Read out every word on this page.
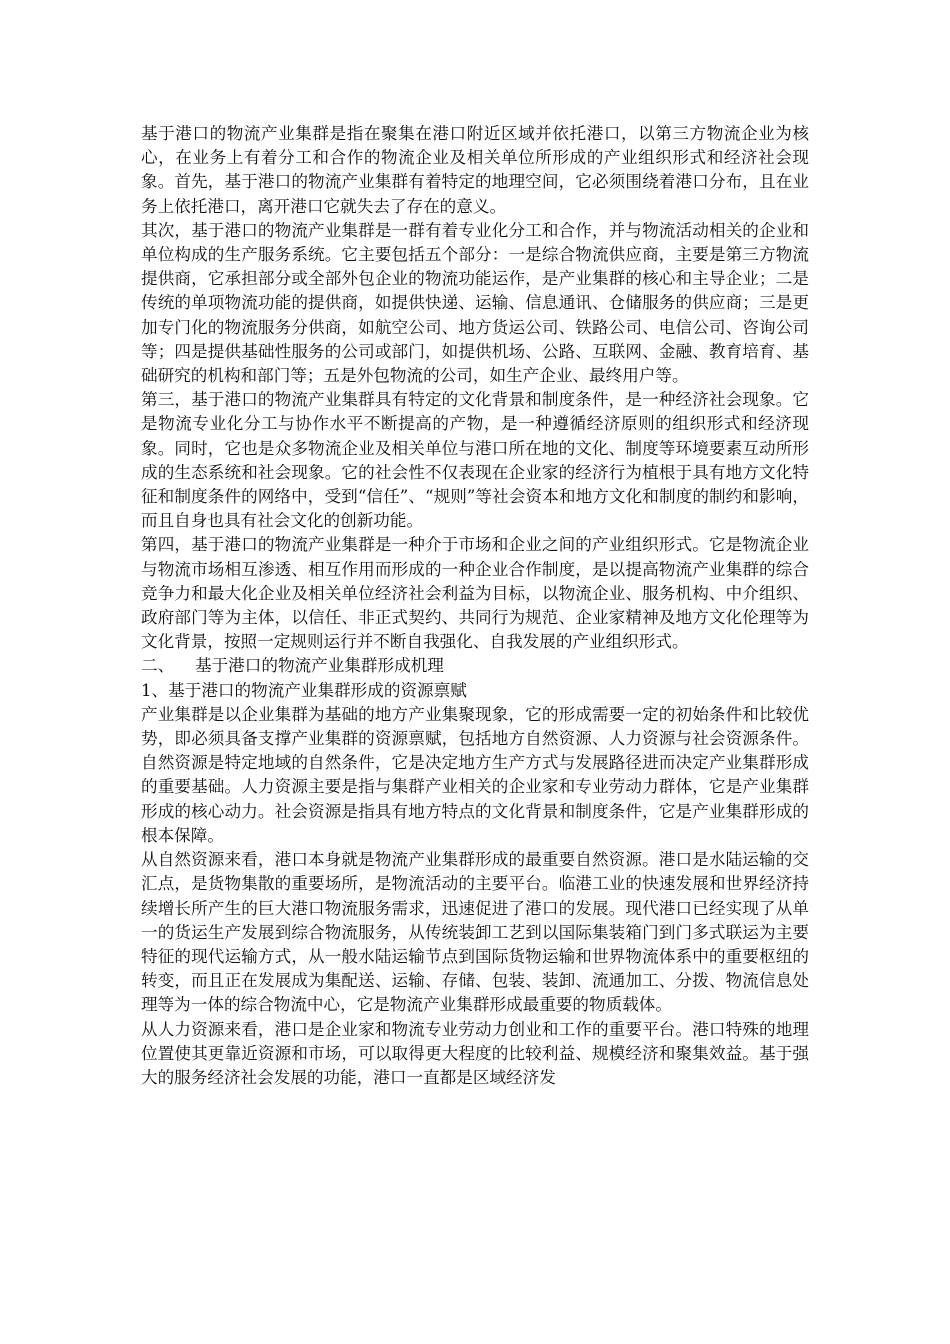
基于港口的物流产业集群是指在聚集在港口附近区域并依托港口，以第三方物流企业为核心，在业务上有着分工和合作的物流企业及相关单位所形成的产业组织形式和经济社会现象。首先，基于港口的物流产业集群有着特定的地理空间，它必须围绕着港口分布，且在业务上依托港口，离开港口它就失去了存在的意义。

其次，基于港口的物流产业集群是一群有着专业化分工和合作，并与物流活动相关的企业和单位构成的生产服务系统。它主要包括五个部分：一是综合物流供应商，主要是第三方物流提供商，它承担部分或全部外包企业的物流功能运作，是产业集群的核心和主导企业；二是传统的单项物流功能的提供商，如提供快递、运输、信息通讯、仓储服务的供应商；三是更加专门化的物流服务分供商，如航空公司、地方货运公司、铁路公司、电信公司、咨询公司等；四是提供基础性服务的公司或部门，如提供机场、公路、互联网、金融、教育培育、基础研究的机构和部门等；五是外包物流的公司，如生产企业、最终用户等。

第三，基于港口的物流产业集群具有特定的文化背景和制度条件，是一种经济社会现象。它是物流专业化分工与协作水平不断提高的产物，是一种遵循经济原则的组织形式和经济现象。同时，它也是众多物流企业及相关单位与港口所在地的文化、制度等环境要素互动所形成的生态系统和社会现象。它的社会性不仅表现在企业家的经济行为植根于具有地方文化特征和制度条件的网络中，受到“信任”、“规则”等社会资本和地方文化和制度的制约和影响，而且自身也具有社会文化的创新功能。

第四，基于港口的物流产业集群是一种介于市场和企业之间的产业组织形式。它是物流企业与物流市场相互渗透、相互作用而形成的一种企业合作制度，是以提高物流产业集群的综合竞争力和最大化企业及相关单位经济社会利益为目标，以物流企业、服务机构、中介组织、政府部门等为主体，以信任、非正式契约、共同行为规范、企业家精神及地方文化伦理等为文化背景，按照一定规则运行并不断自我强化、自我发展的产业组织形式。

二、 基于港口的物流产业集群形成机理

1、基于港口的物流产业集群形成的资源禀赋

产业集群是以企业集群为基础的地方产业集聚现象，它的形成需要一定的初始条件和比较优势，即必须具备支撑产业集群的资源禀赋，包括地方自然资源、人力资源与社会资源条件。自然资源是特定地域的自然条件，它是决定地方生产方式与发展路径进而决定产业集群形成的重要基础。人力资源主要是指与集群产业相关的企业家和专业劳动力群体，它是产业集群形成的核心动力。社会资源是指具有地方特点的文化背景和制度条件，它是产业集群形成的根本保障。

从自然资源来看，港口本身就是物流产业集群形成的最重要自然资源。港口是水陆运输的交汇点，是货物集散的重要场所，是物流活动的主要平台。临港工业的快速发展和世界经济持续增长所产生的巨大港口物流服务需求，迅速促进了港口的发展。现代港口已经实现了从单一的货运生产发展到综合物流服务，从传统装卸工艺到以国际集装箱门到门多式联运为主要特征的现代运输方式，从一般水陆运输节点到国际货物运输和世界物流体系中的重要枢纽的转变，而且正在发展成为集配送、运输、存储、包装、装卸、流通加工、分拨、物流信息处理等为一体的综合物流中心，它是物流产业集群形成最重要的物质载体。

从人力资源来看，港口是企业家和物流专业劳动力创业和工作的重要平台。港口特殊的地理位置使其更靠近资源和市场，可以取得更大程度的比较利益、规模经济和聚集效益。基于强大的服务经济社会发展的功能，港口一直都是区域经济发
